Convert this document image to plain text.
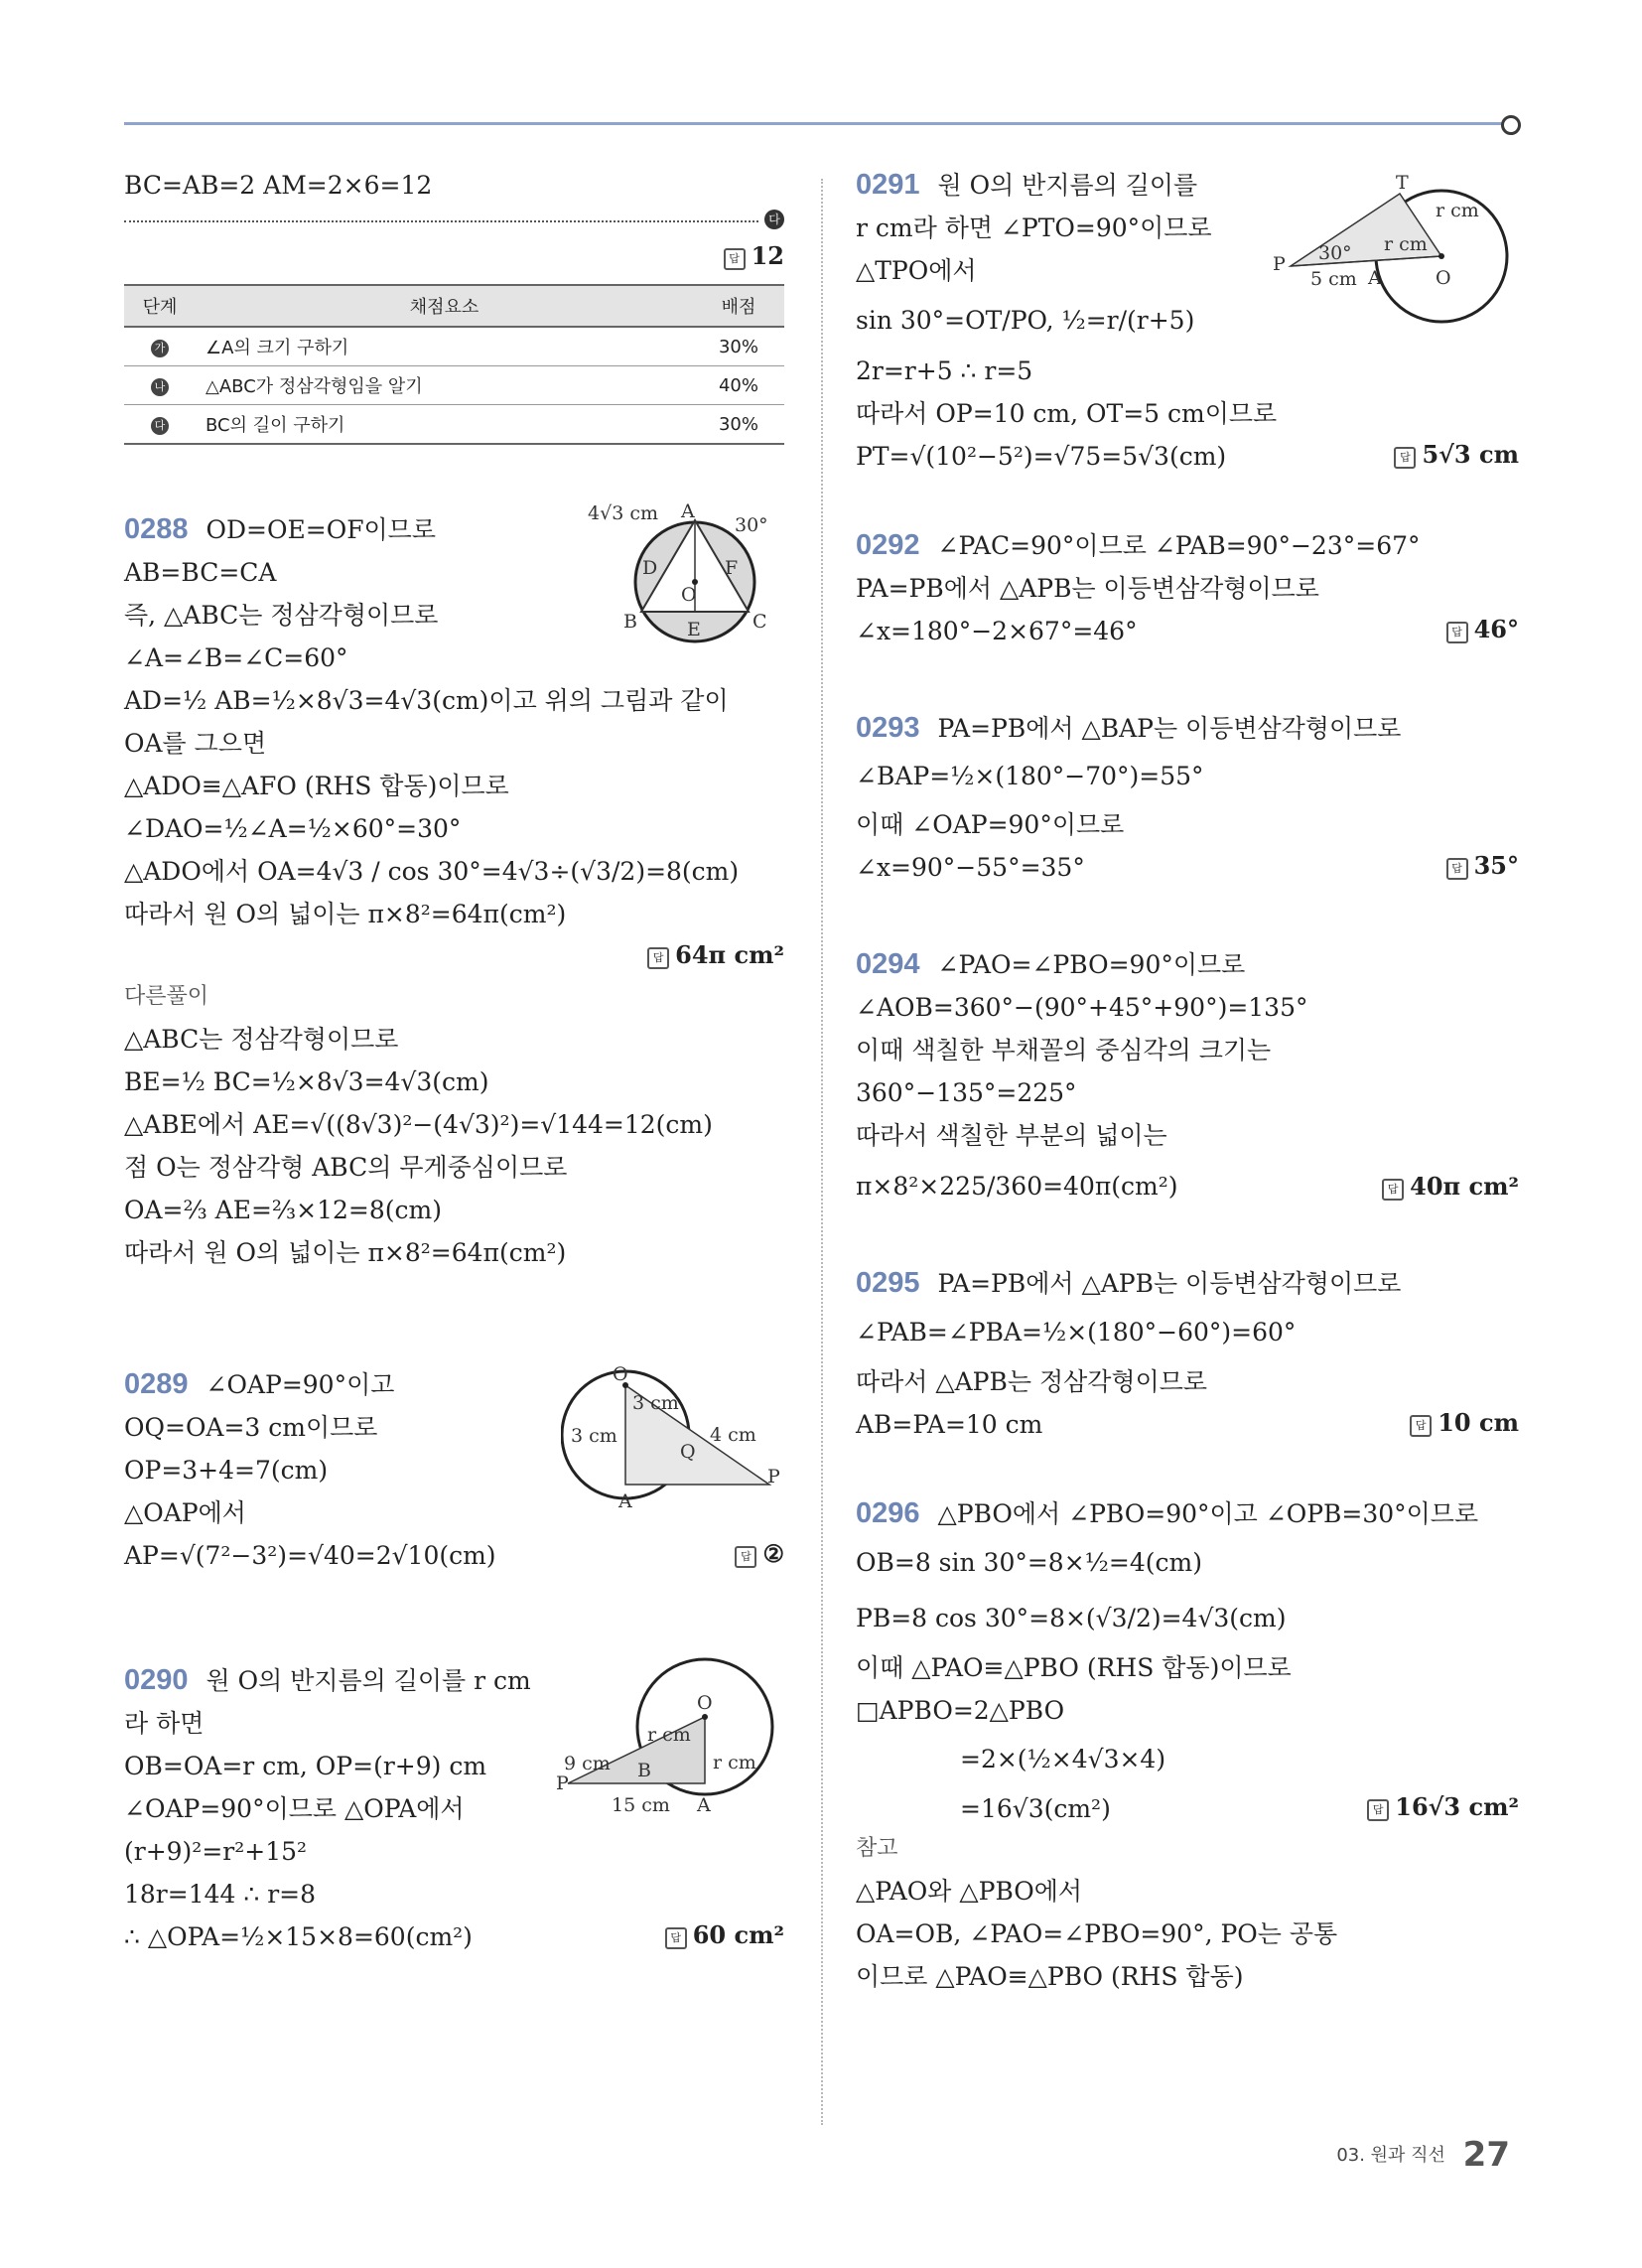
BC=AB=2 AM=2×6=12
다
답 12
단계	채점요소	배점
가	∠A의 크기 구하기	30%
나	△ABC가 정삼각형임을 알기	40%
다	BC의 길이 구하기	30%
4√3 cm A
30°
D	F
O
B	E	C
0288 OD=OE=OF이므로
AB=BC=CA
즉, △ABC는 정삼각형이므로
∠A=∠B=∠C=60°
AD=½ AB=½×8√3=4√3(cm)이고 위의 그림과 같이
OA를 그으면
△ADO≡△AFO (RHS 합동)이므로
∠DAO=½∠A=½×60°=30°
△ADO에서 OA=4√3 / cos 30°=4√3÷(√3/2)=8(cm)
따라서 원 O의 넓이는 π×8²=64π(cm²)
답 64π cm²
다른풀이
△ABC는 정삼각형이므로
BE=½ BC=½×8√3=4√3(cm)
△ABE에서 AE=√((8√3)²−(4√3)²)=√144=12(cm)
점 O는 정삼각형 ABC의 무게중심이므로
OA=⅔ AE=⅔×12=8(cm)
따라서 원 O의 넓이는 π×8²=64π(cm²)
O
3 cm
3 cm	4 cm
Q
P
A
0289 ∠OAP=90°이고
OQ=OA=3 cm이므로
OP=3+4=7(cm)
△OAP에서
AP=√(7²−3²)=√40=2√10(cm)	답 ②
O
r cm
r cm
9 cm
P
B
15 cm A
0290 원 O의 반지름의 길이를 r cm
라 하면
OB=OA=r cm, OP=(r+9) cm
∠OAP=90°이므로 △OPA에서
(r+9)²=r²+15²
18r=144 ∴ r=8
∴ △OPA=½×15×8=60(cm²)	답 60 cm²
T
r cm
P 30° r cm
5 cm A	O
0291 원 O의 반지름의 길이를
r cm라 하면 ∠PTO=90°이므로
△TPO에서
sin 30°=OT/PO, ½=r/(r+5)
2r=r+5 ∴ r=5
따라서 OP=10 cm, OT=5 cm이므로
PT=√(10²−5²)=√75=5√3(cm)	답 5√3 cm
0292 ∠PAC=90°이므로 ∠PAB=90°−23°=67°
PA=PB에서 △APB는 이등변삼각형이므로
∠x=180°−2×67°=46°	답 46°
0293 PA=PB에서 △BAP는 이등변삼각형이므로
∠BAP=½×(180°−70°)=55°
이때 ∠OAP=90°이므로
∠x=90°−55°=35°	답 35°
0294 ∠PAO=∠PBO=90°이므로
∠AOB=360°−(90°+45°+90°)=135°
이때 색칠한 부채꼴의 중심각의 크기는
360°−135°=225°
따라서 색칠한 부분의 넓이는
π×8²×225/360=40π(cm²)	답 40π cm²
0295 PA=PB에서 △APB는 이등변삼각형이므로
∠PAB=∠PBA=½×(180°−60°)=60°
따라서 △APB는 정삼각형이므로
AB=PA=10 cm	답 10 cm
0296 △PBO에서 ∠PBO=90°이고 ∠OPB=30°이므로
OB=8 sin 30°=8×½=4(cm)
PB=8 cos 30°=8×(√3/2)=4√3(cm)
이때 △PAO≡△PBO (RHS 합동)이므로
□APBO=2△PBO
=2×(½×4√3×4)
=16√3(cm²)	답 16√3 cm²
참고
△PAO와 △PBO에서
OA=OB, ∠PAO=∠PBO=90°, PO는 공통
이므로 △PAO≡△PBO (RHS 합동)
03. 원과 직선 27
